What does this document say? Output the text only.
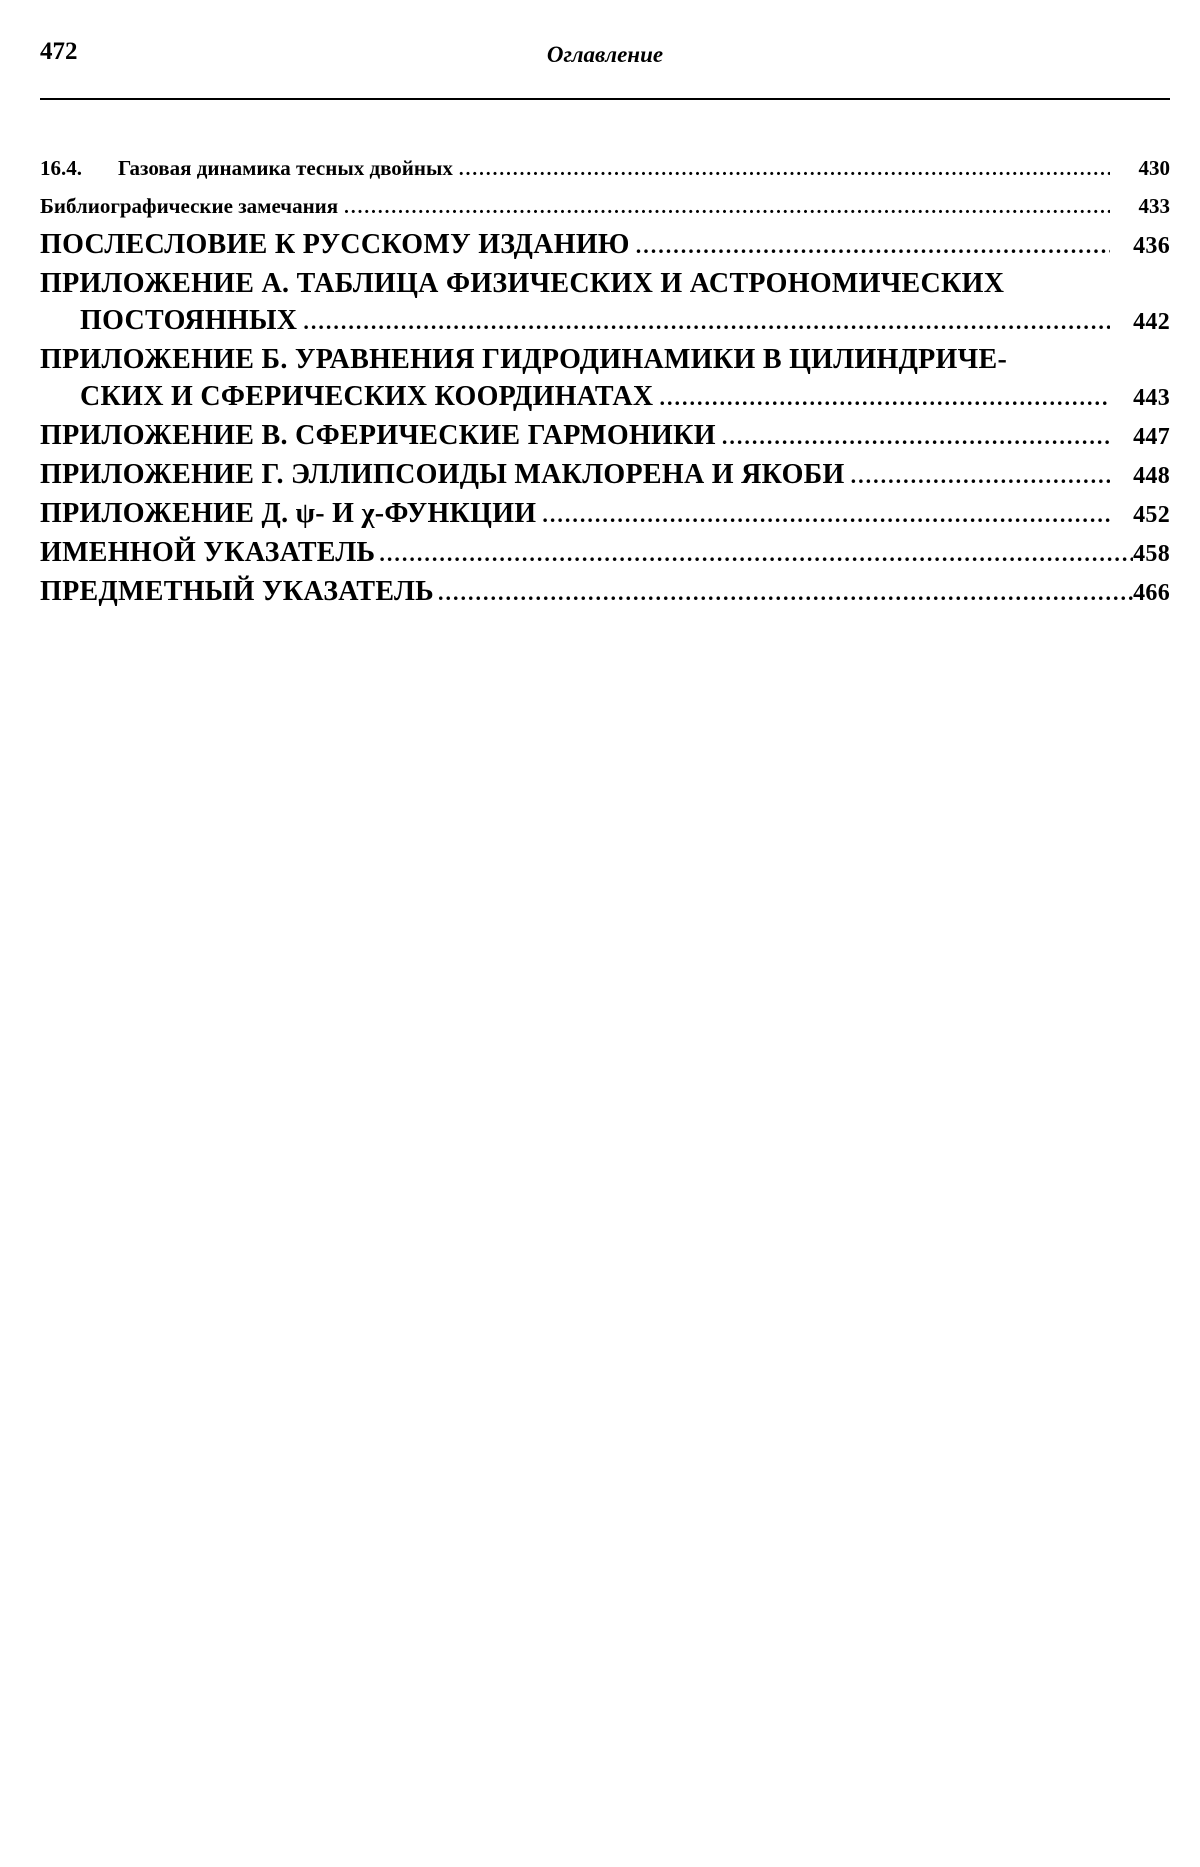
472	Оглавление
16.4. Газовая динамика тесных двойных .....	430
Библиографические замечания .....	433
ПОСЛЕСЛОВИЕ К РУССКОМУ ИЗДАНИЮ .....	436
ПРИЛОЖЕНИЕ А. ТАБЛИЦА ФИЗИЧЕСКИХ И АСТРОНОМИЧЕСКИХ
ПОСТОЯННЫХ .....	442
ПРИЛОЖЕНИЕ Б. УРАВНЕНИЯ ГИДРОДИНАМИКИ В ЦИЛИНДРИЧЕ-
СКИХ И СФЕРИЧЕСКИХ КООРДИНАТАХ .....	443
ПРИЛОЖЕНИЕ В. СФЕРИЧЕСКИЕ ГАРМОНИКИ .....	447
ПРИЛОЖЕНИЕ Г. ЭЛЛИПСОИДЫ МАКЛОРЕНА И ЯКОБИ .....	448
ПРИЛОЖЕНИЕ Д. ψ- И χ-ФУНКЦИИ .....	452
ИМЕННОЙ УКАЗАТЕЛЬ .....	458
ПРЕДМЕТНЫЙ УКАЗАТЕЛЬ .....	466
